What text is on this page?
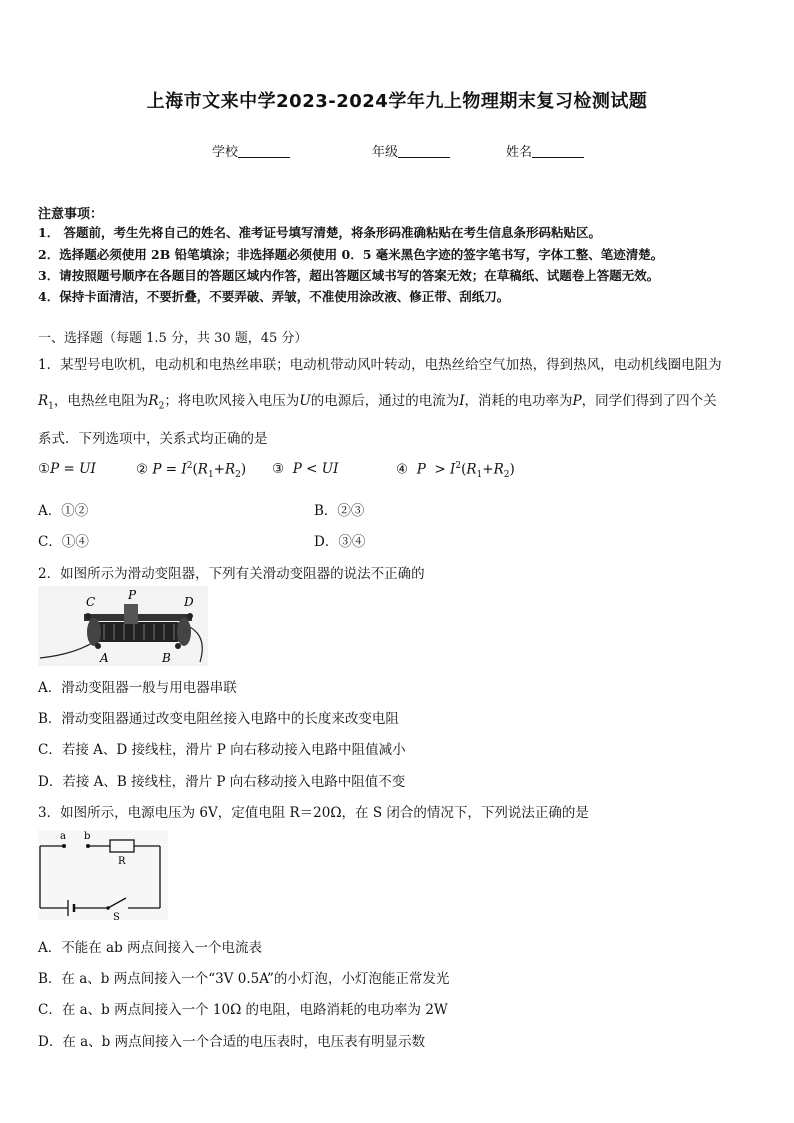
上海市文来中学2023-2024学年九上物理期末复习检测试题
学校	年级	姓名
注意事项：
1． 答题前，考生先将自己的姓名、准考证号填写清楚，将条形码准确粘贴在考生信息条形码粘贴区。
2．选择题必须使用 2B 铅笔填涂；非选择题必须使用 0．5 毫米黑色字迹的签字笔书写，字体工整、笔迹清楚。
3．请按照题号顺序在各题目的答题区域内作答，超出答题区域书写的答案无效；在草稿纸、试题卷上答题无效。
4．保持卡面清洁，不要折叠，不要弄破、弄皱，不准使用涂改液、修正带、刮纸刀。
一、选择题（每题 1.5 分，共 30 题，45 分）
1．某型号电吹机，电动机和电热丝串联；电动机带动风叶转动，电热丝给空气加热，得到热风，电动机线圈电阻为
$R_1$，电热丝电阻为$R_2$；将电吹风接入电压为U的电源后，通过的电流为I，消耗的电功率为P，同学们得到了四个关
系式．下列选项中，关系式均正确的是
①P = UI	② $P = I^2(R_1+R_2)$ ③ P < UI	④ $P > I^2(R_1+R_2)$
A．①②	B．②③
C．①④	D．③④
2．如图所示为滑动变阻器，下列有关滑动变阻器的说法不正确的
C	P	D
A	B
A．滑动变阻器一般与用电器串联
B．滑动变阻器通过改变电阻丝接入电路中的长度来改变电阻
C．若接 A、D 接线柱，滑片 P 向右移动接入电路中阻值减小
D．若接 A、B 接线柱，滑片 P 向右移动接入电路中阻值不变
3．如图所示，电源电压为 6V，定值电阻 R＝20Ω，在 S 闭合的情况下，下列说法正确的是
a b
R
S
A．不能在 ab 两点间接入一个电流表
B．在 a、b 两点间接入一个“3V 0.5A”的小灯泡，小灯泡能正常发光
C．在 a、b 两点间接入一个 10Ω 的电阻，电路消耗的电功率为 2W
D．在 a、b 两点间接入一个合适的电压表时，电压表有明显示数
